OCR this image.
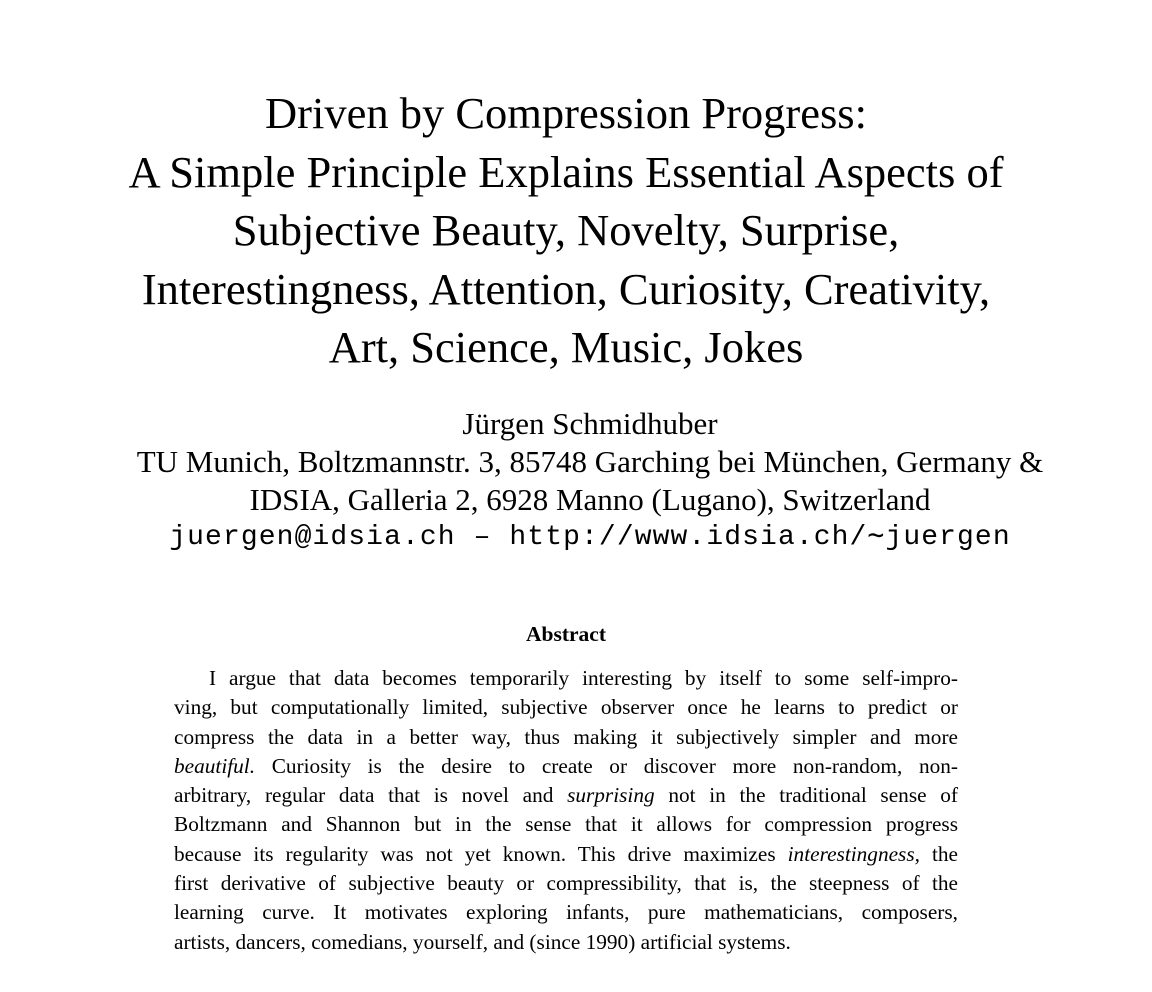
Driven by Compression Progress:
A Simple Principle Explains Essential Aspects of
Subjective Beauty, Novelty, Surprise,
Interestingness, Attention, Curiosity, Creativity,
Art, Science, Music, Jokes
Jürgen Schmidhuber
TU Munich, Boltzmannstr. 3, 85748 Garching bei München, Germany &
IDSIA, Galleria 2, 6928 Manno (Lugano), Switzerland
juergen@idsia.ch – http://www.idsia.ch/∼juergen
Abstract
I argue that data becomes temporarily interesting by itself to some self-impro-
ving, but computationally limited, subjective observer once he learns to predict or
compress the data in a better way, thus making it subjectively simpler and more
beautiful. Curiosity is the desire to create or discover more non-random, non-
arbitrary, regular data that is novel and surprising not in the traditional sense of
Boltzmann and Shannon but in the sense that it allows for compression progress
because its regularity was not yet known. This drive maximizes interestingness, the
first derivative of subjective beauty or compressibility, that is, the steepness of the
learning curve. It motivates exploring infants, pure mathematicians, composers,
artists, dancers, comedians, yourself, and (since 1990) artificial systems.
